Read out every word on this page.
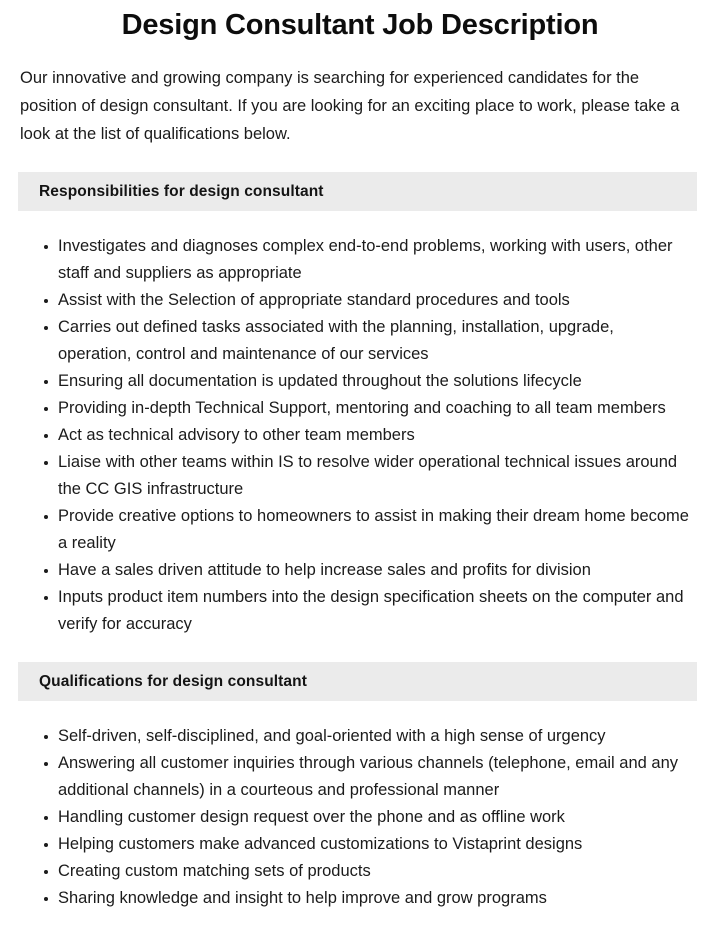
Design Consultant Job Description

Our innovative and growing company is searching for experienced candidates for the position of design consultant. If you are looking for an exciting place to work, please take a look at the list of qualifications below.

Responsibilities for design consultant
Investigates and diagnoses complex end-to-end problems, working with users, other staff and suppliers as appropriate
Assist with the Selection of appropriate standard procedures and tools
Carries out defined tasks associated with the planning, installation, upgrade, operation, control and maintenance of our services
Ensuring all documentation is updated throughout the solutions lifecycle
Providing in-depth Technical Support, mentoring and coaching to all team members
Act as technical advisory to other team members
Liaise with other teams within IS to resolve wider operational technical issues around the CC GIS infrastructure
Provide creative options to homeowners to assist in making their dream home become a reality
Have a sales driven attitude to help increase sales and profits for division
Inputs product item numbers into the design specification sheets on the computer and verify for accuracy
Qualifications for design consultant
Self-driven, self-disciplined, and goal-oriented with a high sense of urgency
Answering all customer inquiries through various channels (telephone, email and any additional channels) in a courteous and professional manner
Handling customer design request over the phone and as offline work
Helping customers make advanced customizations to Vistaprint designs
Creating custom matching sets of products
Sharing knowledge and insight to help improve and grow programs
